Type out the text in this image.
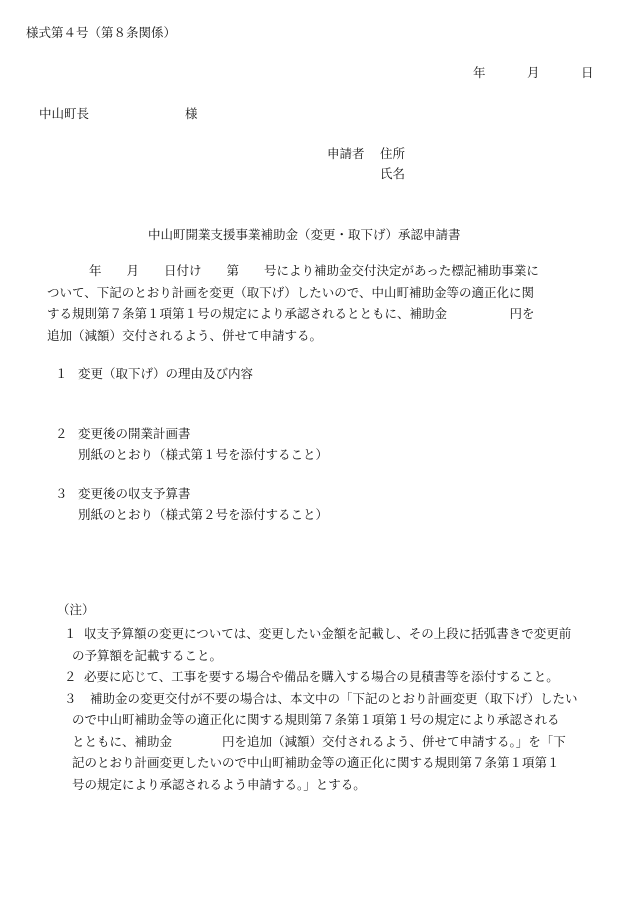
様式第４号（第８条関係）
年	月	日
中山町長	様
申請者 住所
氏名
中山町開業支援事業補助金（変更・取下げ）承認申請書
年　　月　　日付け　　第　　号により補助金交付決定があった標記補助事業に
ついて、下記のとおり計画を変更（取下げ）したいので、中山町補助金等の適正化に関
する規則第７条第１項第１号の規定により承認されるとともに、補助金　　　　　円を
追加（減額）交付されるよう、併せて申請する。
１ 変更（取下げ）の理由及び内容
２ 変更後の開業計画書
別紙のとおり（様式第１号を添付すること）
３ 変更後の収支予算書
別紙のとおり（様式第２号を添付すること）
（注）
１ 収支予算額の変更については、変更したい金額を記載し、その上段に括弧書きで変更前
の予算額を記載すること。
２ 必要に応じて、工事を要する場合や備品を購入する場合の見積書等を添付すること。
３	補助金の変更交付が不要の場合は、本文中の「下記のとおり計画変更（取下げ）したい
ので中山町補助金等の適正化に関する規則第７条第１項第１号の規定により承認される
とともに、補助金　　　　円を追加（減額）交付されるよう、併せて申請する。」を「下
記のとおり計画変更したいので中山町補助金等の適正化に関する規則第７条第１項第１
号の規定により承認されるよう申請する。」とする。
